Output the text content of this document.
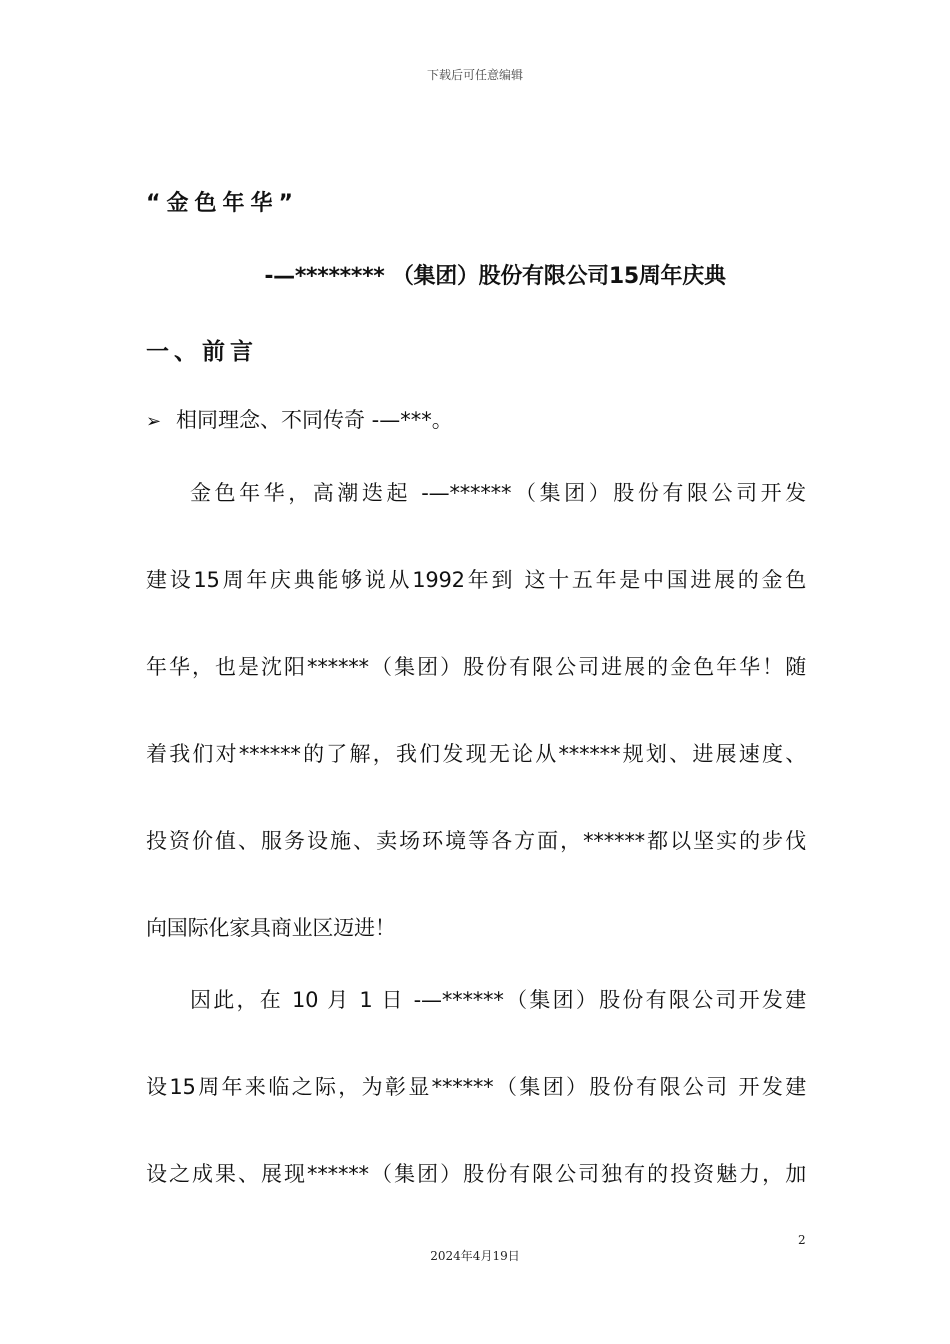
下载后可任意编辑
“金色年华”
-—******** （集团）股份有限公司15周年庆典
一、前言
➢ 相同理念、不同传奇 -—***。
金色年华，高潮迭起 -—******（集团）股份有限公司开发
建设15周年庆典能够说从1992年到 这十五年是中国进展的金色
年华，也是沈阳******（集团）股份有限公司进展的金色年华！随
着我们对******的了解，我们发现无论从******规划、进展速度、
投资价值、服务设施、卖场环境等各方面，******都以坚实的步伐
向国际化家具商业区迈进！
因此，在 10 月 1 日 -—******（集团）股份有限公司开发建
设15周年来临之际，为彰显******（集团）股份有限公司 开发建
设之成果、展现******（集团）股份有限公司独有的投资魅力，加
2
2024年4月19日
